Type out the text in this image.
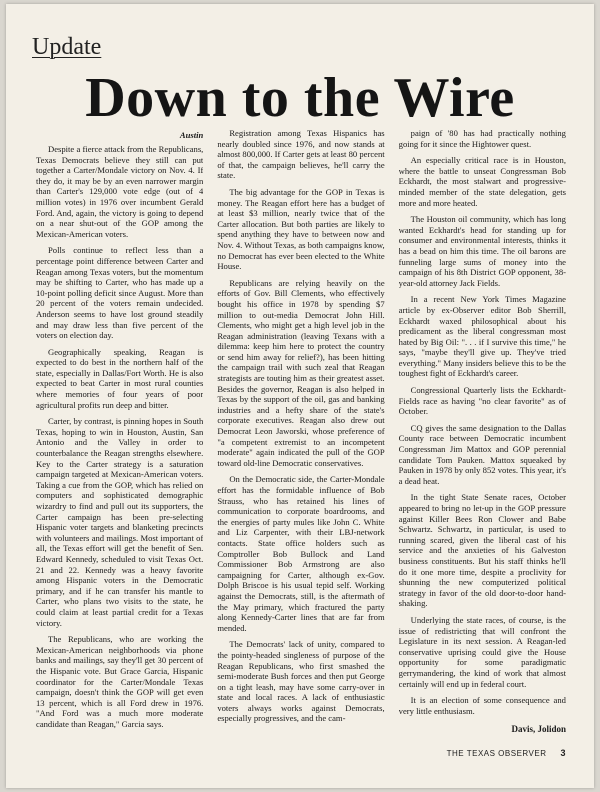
Update
Down to the Wire
Austin

Despite a fierce attack from the Republicans, Texas Democrats believe they still can put together a Carter/Mondale victory on Nov. 4. If they do, it may be by an even narrower margin than Carter's 129,000 vote edge (out of 4 million votes) in 1976 over incumbent Gerald Ford. And, again, the victory is going to depend on a near shut-out of the GOP among the Mexican-American voters.

Polls continue to reflect less than a percentage point difference between Carter and Reagan among Texas voters, but the momentum may be shifting to Carter, who has made up a 10-point polling deficit since August. More than 20 percent of the voters remain undecided. Anderson seems to have lost ground steadily and may draw less than five percent of the voters on election day.

Geographically speaking, Reagan is expected to do best in the northern half of the state, especially in Dallas/Fort Worth. He is also expected to beat Carter in most rural counties where memories of four years of poor agricultural profits run deep and bitter.

Carter, by contrast, is pinning hopes in South Texas, hoping to win in Houston, Austin, San Antonio and the Valley in order to counterbalance the Reagan strengths elsewhere. Key to the Carter strategy is a saturation campaign targeted at Mexican-American voters. Taking a cue from the GOP, which has relied on computers and sophisticated demographic wizardry to find and pull out its supporters, the Carter campaign has been pre-selecting Hispanic voter targets and blanketing precincts with volunteers and mailings. Most important of all, the Texas effort will get the benefit of Sen. Edward Kennedy, scheduled to visit Texas Oct. 21 and 22. Kennedy was a heavy favorite among Hispanic voters in the Democratic primary, and if he can transfer his mantle to Carter, who plans two visits to the state, he could claim at least partial credit for a Texas victory.

The Republicans, who are working the Mexican-American neighborhoods via phone banks and mailings, say they'll get 30 percent of the Hispanic vote. But Grace Garcia, Hispanic coordinator for the Carter/Mondale Texas campaign, doesn't think the GOP will get even 13 percent, which is all Ford drew in 1976. "And Ford was a much more moderate candidate than Reagan," Garcia says.

Registration among Texas Hispanics has nearly doubled since 1976, and now stands at almost 800,000. If Carter gets at least 80 percent of that, the campaign believes, he'll carry the state.

The big advantage for the GOP in Texas is money. The Reagan effort here has a budget of at least $3 million, nearly twice that of the Carter allocation. But both parties are likely to spend anything they have to between now and Nov. 4. Without Texas, as both campaigns know, no Democrat has ever been elected to the White House.

Republicans are relying heavily on the efforts of Gov. Bill Clements, who effectively bought his office in 1978 by spending $7 million to out-media Democrat John Hill. Clements, who might get a high level job in the Reagan administration (leaving Texans with a dilemma: keep him here to protect the country or send him away for relief?), has been hitting the campaign trail with such zeal that Reagan strategists are touting him as their greatest asset. Besides the governor, Reagan is also helped in Texas by the support of the oil, gas and banking industries and a hefty share of the state's corporate executives. Reagan also drew out Democrat Leon Jaworski, whose preference of "a competent extremist to an incompetent moderate" again indicated the pull of the GOP toward old-line Democratic conservatives.

On the Democratic side, the Carter-Mondale effort has the formidable influence of Bob Strauss, who has retained his lines of communication to corporate boardrooms, and the energies of party mules like John C. White and Liz Carpenter, with their LBJ-network contacts. State office holders such as Comptroller Bob Bullock and Land Commissioner Bob Armstrong are also campaigning for Carter, although ex-Gov. Dolph Briscoe is his usual tepid self. Working against the Democrats, still, is the aftermath of the May primary, which fractured the party along Kennedy-Carter lines that are far from mended.

The Democrats' lack of unity, compared to the pointy-headed singleness of purpose of the Reagan Republicans, who first smashed the semi-moderate Bush forces and then put George on a tight leash, may have some carry-over in state and local races. A lack of enthusiastic voters always works against Democrats, especially progressives, and the cam-

paign of '80 has had practically nothing going for it since the Hightower quest.

An especially critical race is in Houston, where the battle to unseat Congressman Bob Eckhardt, the most stalwart and progressive-minded member of the state delegation, gets more and more heated.

The Houston oil community, which has long wanted Eckhardt's head for standing up for consumer and environmental interests, thinks it has a bead on him this time. The oil barons are funneling large sums of money into the campaign of his 8th District GOP opponent, 38-year-old attorney Jack Fields.

In a recent New York Times Magazine article by ex-Observer editor Bob Sherrill, Eckhardt waxed philosophical about his predicament as the liberal congressman most hated by Big Oil: ". . . if I survive this time," he says, "maybe they'll give up. They've tried everything." Many insiders believe this to be the toughest fight of Eckhardt's career.

Congressional Quarterly lists the Eckhardt-Fields race as having "no clear favorite" as of October.

CQ gives the same designation to the Dallas County race between Democratic incumbent Congressman Jim Mattox and GOP perennial candidate Tom Pauken. Mattox squeaked by Pauken in 1978 by only 852 votes. This year, it's a dead heat.

In the tight State Senate races, October appeared to bring no let-up in the GOP pressure against Killer Bees Ron Clower and Babe Schwartz. Schwartz, in particular, is used to running scared, given the liberal cast of his service and the anxieties of his Galveston business constituents. But his staff thinks he'll do it one more time, despite a proclivity for shunning the new computerized political strategy in favor of the old door-to-door hand-shaking.

Underlying the state races, of course, is the issue of redistricting that will confront the Legislature in its next session. A Reagan-led conservative uprising could give the House opportunity for some paradigmatic gerrymandering, the kind of work that almost certainly will end up in federal court.

It is an election of some consequence and very little enthusiasm.

Davis, Jolidon
THE TEXAS OBSERVER 3
